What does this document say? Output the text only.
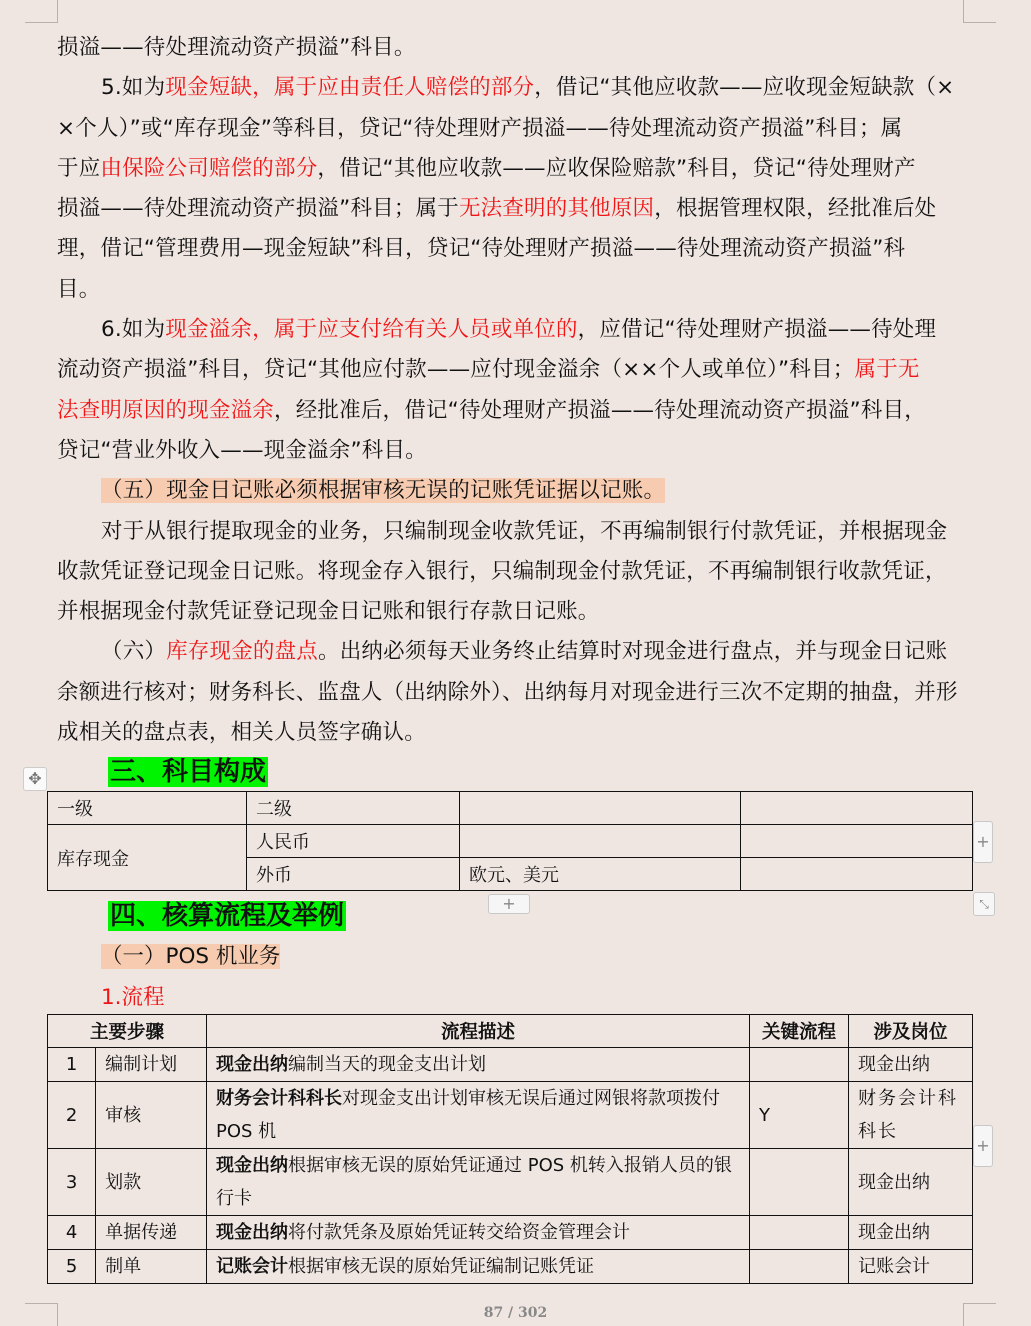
损溢——待处理流动资产损溢”科目。

5.如为现金短缺，属于应由责任人赔偿的部分，借记“其他应收款——应收现金短缺款（×

×个人）”或“库存现金”等科目，贷记“待处理财产损溢——待处理流动资产损溢”科目；属

于应由保险公司赔偿的部分，借记“其他应收款——应收保险赔款”科目，贷记“待处理财产

损溢——待处理流动资产损溢”科目；属于无法查明的其他原因，根据管理权限，经批准后处

理，借记“管理费用—现金短缺”科目，贷记“待处理财产损溢——待处理流动资产损溢”科

目。

6.如为现金溢余，属于应支付给有关人员或单位的，应借记“待处理财产损溢——待处理

流动资产损溢”科目，贷记“其他应付款——应付现金溢余（××个人或单位）”科目；属于无

法查明原因的现金溢余，经批准后，借记“待处理财产损溢——待处理流动资产损溢”科目，

贷记“营业外收入——现金溢余”科目。

（五）现金日记账必须根据审核无误的记账凭证据以记账。

对于从银行提取现金的业务，只编制现金收款凭证，不再编制银行付款凭证，并根据现金

收款凭证登记现金日记账。将现金存入银行，只编制现金付款凭证，不再编制银行收款凭证，

并根据现金付款凭证登记现金日记账和银行存款日记账。

（六）库存现金的盘点。出纳必须每天业务终止结算时对现金进行盘点，并与现金日记账

余额进行核对；财务科长、监盘人（出纳除外）、出纳每月对现金进行三次不定期的抽盘，并形

成相关的盘点表，相关人员签字确认。

✥	三、科目构成
一级	二级		
库存现金	人民币		
	外币	欧元、美元	
+
+	⤡
四、核算流程及举例
（一）POS 机业务
1.流程
主要步骤		流程描述	关键流程	涉及岗位
1	编制计划	现金出纳编制当天的现金支出计划		现金出纳
2	审核	财务会计科科长对现金支出计划审核无误后通过网银将款项拨付 POS 机	Y	财务会计科科长
3	划款	现金出纳根据审核无误的原始凭证通过 POS 机转入报销人员的银行卡		现金出纳
4	单据传递	现金出纳将付款凭条及原始凭证转交给资金管理会计		现金出纳
5	制单	记账会计根据审核无误的原始凭证编制记账凭证		记账会计
+
87 / 302
